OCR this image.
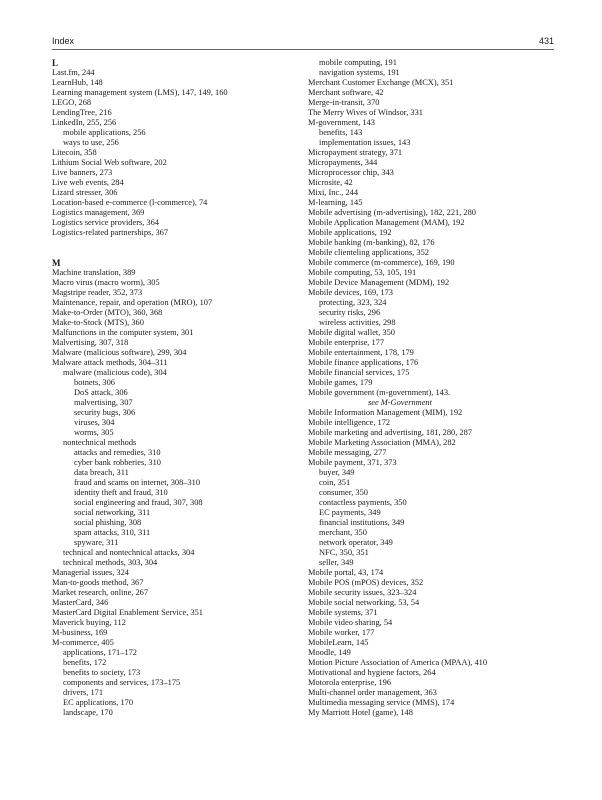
Index	431
L
Last.fm, 244
LearnHub, 148
Learning management system (LMS), 147, 149, 160
LEGO, 268
LendingTree, 216
LinkedIn, 255, 256
mobile applications, 256
ways to use, 256
Litecoin, 358
Lithium Social Web software, 202
Live banners, 273
Live web events, 284
Lizard stresser, 306
Location-based e-commerce (l-commerce), 74
Logistics management, 369
Logistics service providers, 364
Logistics-related partnerships, 367
M
Machine translation, 389
Macro virus (macro worm), 305
Magstripe reader, 352, 373
Maintenance, repair, and operation (MRO), 107
Make-to-Order (MTO), 360, 368
Make-to-Stock (MTS), 360
Malfunctions in the computer system, 301
Malvertising, 307, 318
Malware (malicious software), 299, 304
Malware attack methods, 304–311
malware (malicious code), 304
botnets, 306
DoS attack, 306
malvertising, 307
security bugs, 306
viruses, 304
worms, 305
nontechnical methods
attacks and remedies, 310
cyber bank robberies, 310
data breach, 311
fraud and scams on internet, 308–310
identity theft and fraud, 310
social engineering and fraud, 307, 308
social networking, 311
social phishing, 308
spam attacks, 310, 311
spyware, 311
technical and nontechnical attacks, 304
technical methods, 303, 304
Managerial issues, 324
Man-to-goods method, 367
Market research, online, 267
MasterCard, 346
MasterCard Digital Enablement Service, 351
Maverick buying, 112
M-business, 169
M-commerce, 405
applications, 171–172
benefits, 172
benefits to society, 173
components and services, 173–175
drivers, 171
EC applications, 170
landscape, 170
mobile computing, 191
navigation systems, 191
Merchant Customer Exchange (MCX), 351
Merchant software, 42
Merge-in-transit, 370
The Merry Wives of Windsor, 331
M-government, 143
benefits, 143
implementation issues, 143
Micropayment strategy, 371
Micropayments, 344
Microprocessor chip, 343
Microsite, 42
Mixi, Inc., 244
M-learning, 145
Mobile advertising (m-advertising), 182, 221, 280
Mobile Application Management (MAM), 192
Mobile applications, 192
Mobile banking (m-banking), 82, 176
Mobile clienteling applications, 352
Mobile commerce (m-commerce), 169, 190
Mobile computing, 53, 105, 191
Mobile Device Management (MDM), 192
Mobile devices, 169, 173
protecting, 323, 324
security risks, 296
wireless activities, 298
Mobile digital wallet, 350
Mobile enterprise, 177
Mobile entertainment, 178, 179
Mobile finance applications, 176
Mobile financial services, 175
Mobile games, 179
Mobile government (m-government), 143.
see M-Government
Mobile Information Management (MIM), 192
Mobile intelligence, 172
Mobile marketing and advertising, 181, 280, 287
Mobile Marketing Association (MMA), 282
Mobile messaging, 277
Mobile payment, 371, 373
buyer, 349
coin, 351
consumer, 350
contactless payments, 350
EC payments, 349
financial institutions, 349
merchant, 350
network operator, 349
NFC, 350, 351
seller, 349
Mobile portal, 43, 174
Mobile POS (mPOS) devices, 352
Mobile security issues, 323–324
Mobile social networking, 53, 54
Mobile systems, 371
Mobile video sharing, 54
Mobile worker, 177
MobileLearn, 145
Moodle, 149
Motion Picture Association of America (MPAA), 410
Motivational and hygiene factors, 264
Motorola enterprise, 196
Multi-channel order management, 363
Multimedia messaging service (MMS), 174
My Marriott Hotel (game), 148
